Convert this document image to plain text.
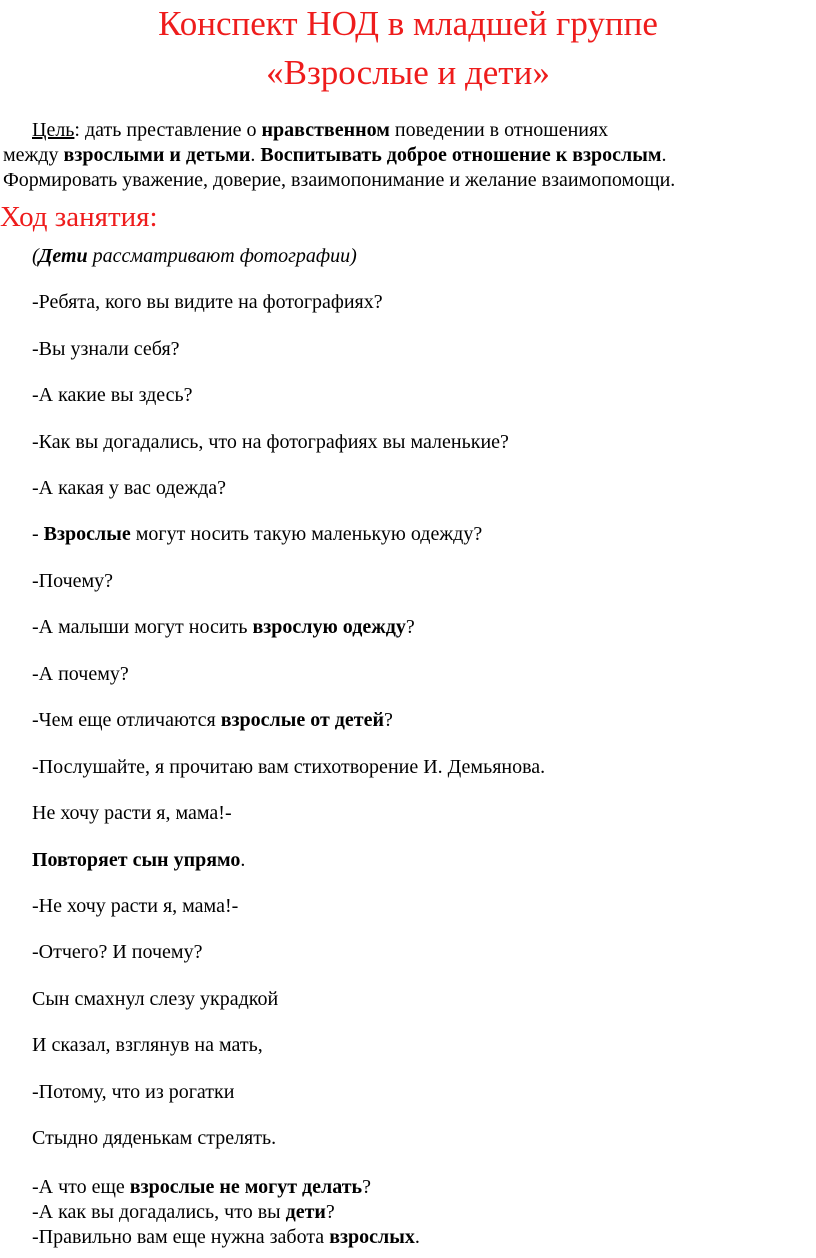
Конспект НОД в младшей группе
«Взрослые и дети»
Цель: дать преставление о нравственном поведении в отношениях
между взрослыми и детьми. Воспитывать доброе отношение к взрослым.
Формировать уважение, доверие, взаимопонимание и желание взаимопомощи.
Ход занятия:
(Дети рассматривают фотографии)
-Ребята, кого вы видите на фотографиях?
-Вы узнали себя?
-А какие вы здесь?
-Как вы догадались, что на фотографиях вы маленькие?
-А какая у вас одежда?
- Взрослые могут носить такую маленькую одежду?
-Почему?
-А малыши могут носить взрослую одежду?
-А почему?
-Чем еще отличаются взрослые от детей?
-Послушайте, я прочитаю вам стихотворение И. Демьянова.
Не хочу расти я, мама!-
Повторяет сын упрямо.
-Не хочу расти я, мама!-
-Отчего? И почему?
Сын смахнул слезу украдкой
И сказал, взглянув на мать,
-Потому, что из рогатки
Стыдно дяденькам стрелять.
-А что еще взрослые не могут делать?
-А как вы догадались, что вы дети?
-Правильно вам еще нужна забота взрослых.
